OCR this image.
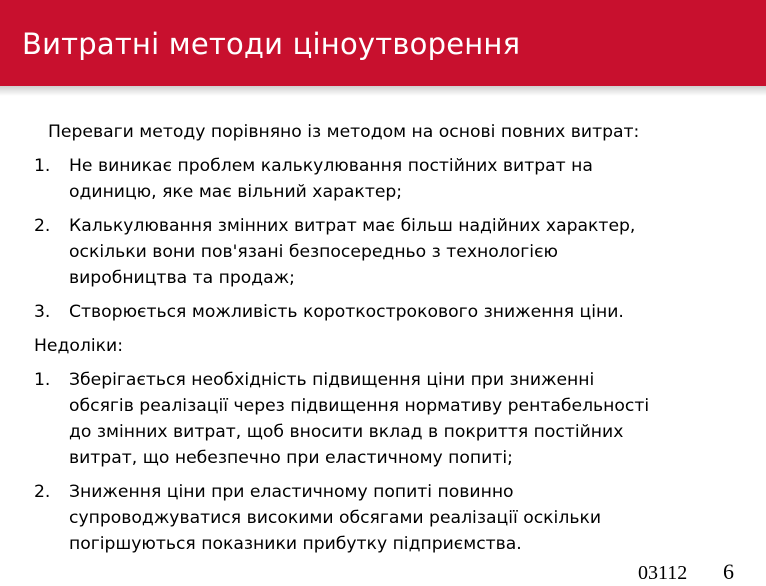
Витратні методи ціноутворення

Переваги методу порівняно із методом на основі повних витрат:

1.	Не виникає проблем калькулювання постійних витрат на
одиницю, яке має вільний характер;
2.	Калькулювання змінних витрат має більш надійних характер,
оскільки вони пов'язані безпосередньо з технологією
виробництва та продаж;
3.	Створюється можливість короткострокового зниження ціни.

Недоліки:

1.	Зберігається необхідність підвищення ціни при зниженні
обсягів реалізації через підвищення нормативу рентабельності
до змінних витрат, щоб вносити вклад в покриття постійних
витрат, що небезпечно при еластичному попиті;
2.	Зниження ціни при еластичному попиті повинно
супроводжуватися високими обсягами реалізації оскільки
погіршуються показники прибутку підприємства.
03112 6
